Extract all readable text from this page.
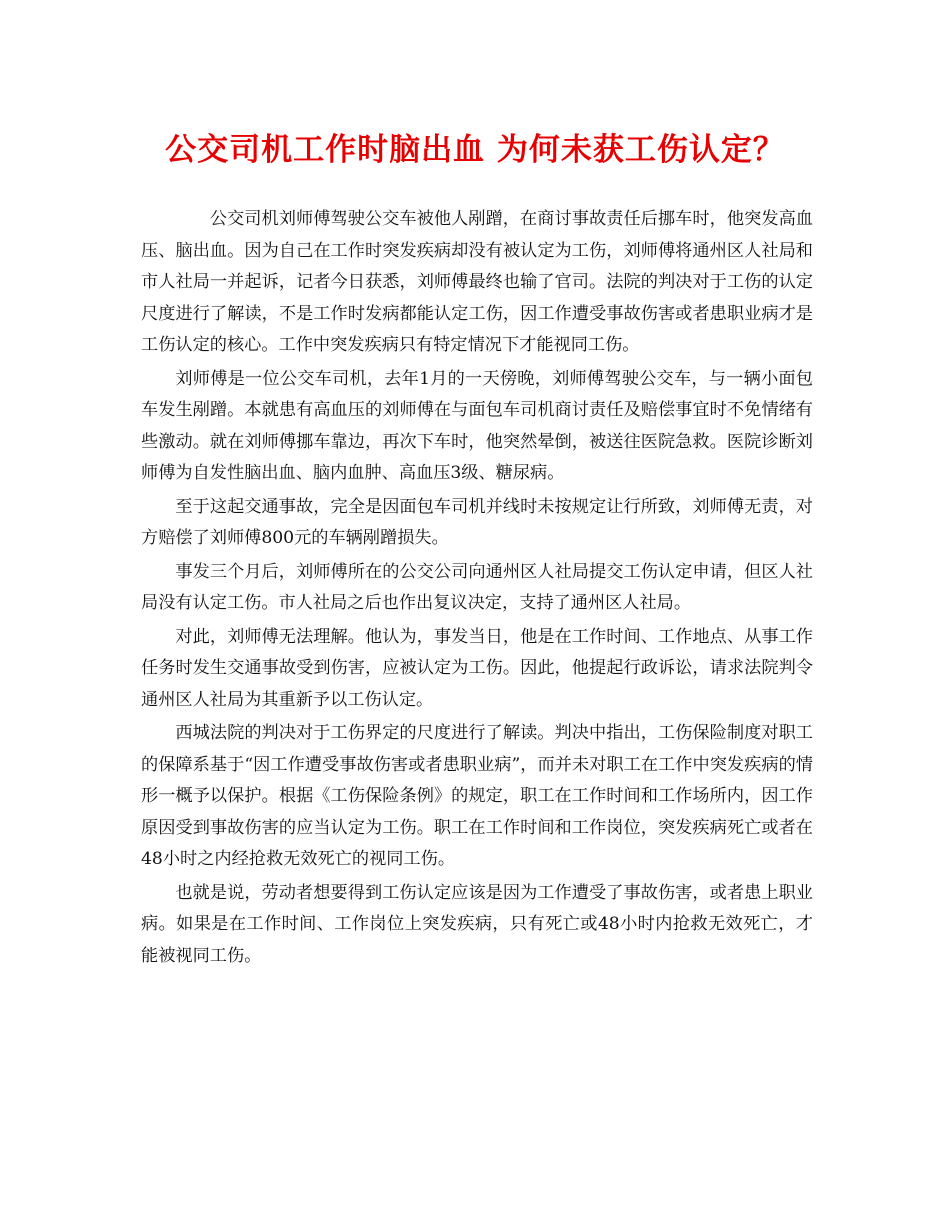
公交司机工作时脑出血 为何未获工伤认定？

公交司机刘师傅驾驶公交车被他人剐蹭，在商讨事故责任后挪车时，他突发高血压、脑出血。因为自己在工作时突发疾病却没有被认定为工伤，刘师傅将通州区人社局和市人社局一并起诉，记者今日获悉，刘师傅最终也输了官司。法院的判决对于工伤的认定尺度进行了解读，不是工作时发病都能认定工伤，因工作遭受事故伤害或者患职业病才是工伤认定的核心。工作中突发疾病只有特定情况下才能视同工伤。

刘师傅是一位公交车司机，去年1月的一天傍晚，刘师傅驾驶公交车，与一辆小面包车发生剐蹭。本就患有高血压的刘师傅在与面包车司机商讨责任及赔偿事宜时不免情绪有些激动。就在刘师傅挪车靠边，再次下车时，他突然晕倒，被送往医院急救。医院诊断刘师傅为自发性脑出血、脑内血肿、高血压3级、糖尿病。

至于这起交通事故，完全是因面包车司机并线时未按规定让行所致，刘师傅无责，对方赔偿了刘师傅800元的车辆剐蹭损失。

事发三个月后，刘师傅所在的公交公司向通州区人社局提交工伤认定申请，但区人社局没有认定工伤。市人社局之后也作出复议决定，支持了通州区人社局。

对此，刘师傅无法理解。他认为，事发当日，他是在工作时间、工作地点、从事工作任务时发生交通事故受到伤害，应被认定为工伤。因此，他提起行政诉讼，请求法院判令通州区人社局为其重新予以工伤认定。

西城法院的判决对于工伤界定的尺度进行了解读。判决中指出，工伤保险制度对职工的保障系基于“因工作遭受事故伤害或者患职业病”，而并未对职工在工作中突发疾病的情形一概予以保护。根据《工伤保险条例》的规定，职工在工作时间和工作场所内，因工作原因受到事故伤害的应当认定为工伤。职工在工作时间和工作岗位，突发疾病死亡或者在48小时之内经抢救无效死亡的视同工伤。

也就是说，劳动者想要得到工伤认定应该是因为工作遭受了事故伤害，或者患上职业病。如果是在工作时间、工作岗位上突发疾病，只有死亡或48小时内抢救无效死亡，才能被视同工伤。
